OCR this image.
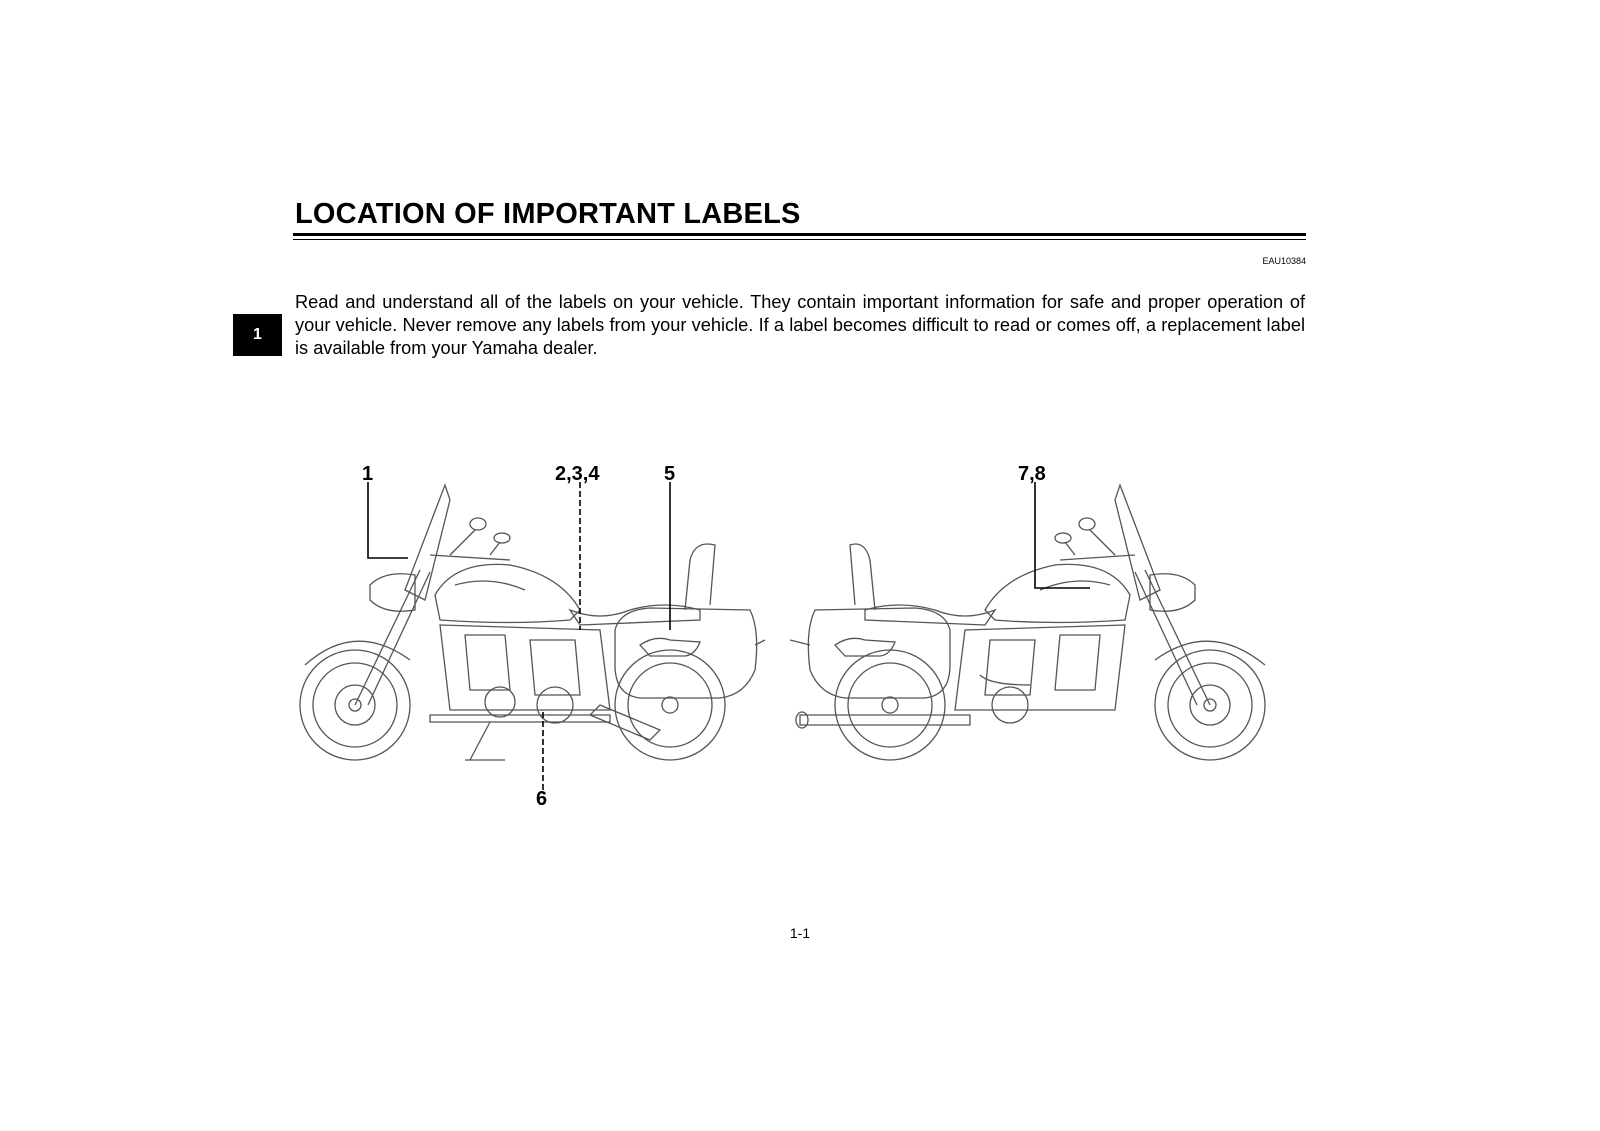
LOCATION OF IMPORTANT LABELS
EAU10384
1
Read and understand all of the labels on your vehicle. They contain important information for safe and proper operation of your vehicle. Never remove any labels from your vehicle. If a label becomes difficult to read or comes off, a replacement label is available from your Yamaha dealer.
1	2,3,4	5
6
7,8
1-1
